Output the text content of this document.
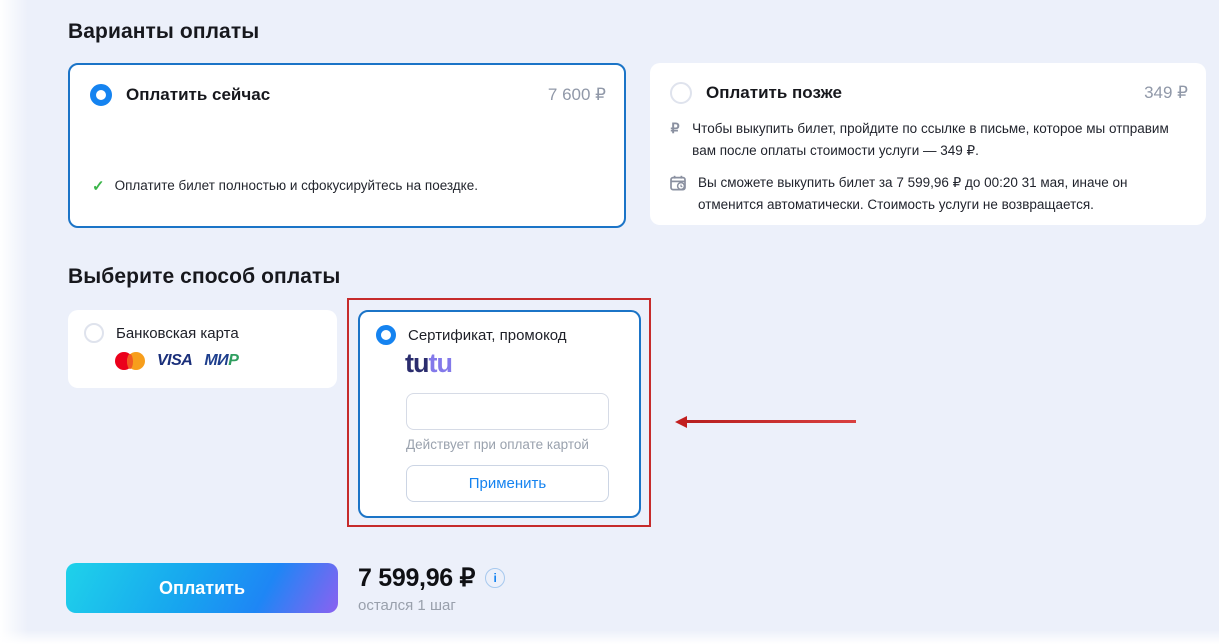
Варианты оплаты
Оплатить сейчас	7 600 ₽
✓ Оплатите билет полностью и сфокусируйтесь на поездке.
Оплатить позже	349 ₽
₽ Чтобы выкупить билет, пройдите по ссылке в письме, которое мы отправим вам после оплаты стоимости услуги — 349 ₽.
Вы сможете выкупить билет за 7 599,96 ₽ до 00:20 31 мая, иначе он отменится автоматически. Стоимость услуги не возвращается.
Выберите способ оплаты
Банковская карта
VISA МИР
Сертификат, промокод
tutu
Действует при оплате картой
Применить
Оплатить	7 599,96 ₽	i
остался 1 шаг
